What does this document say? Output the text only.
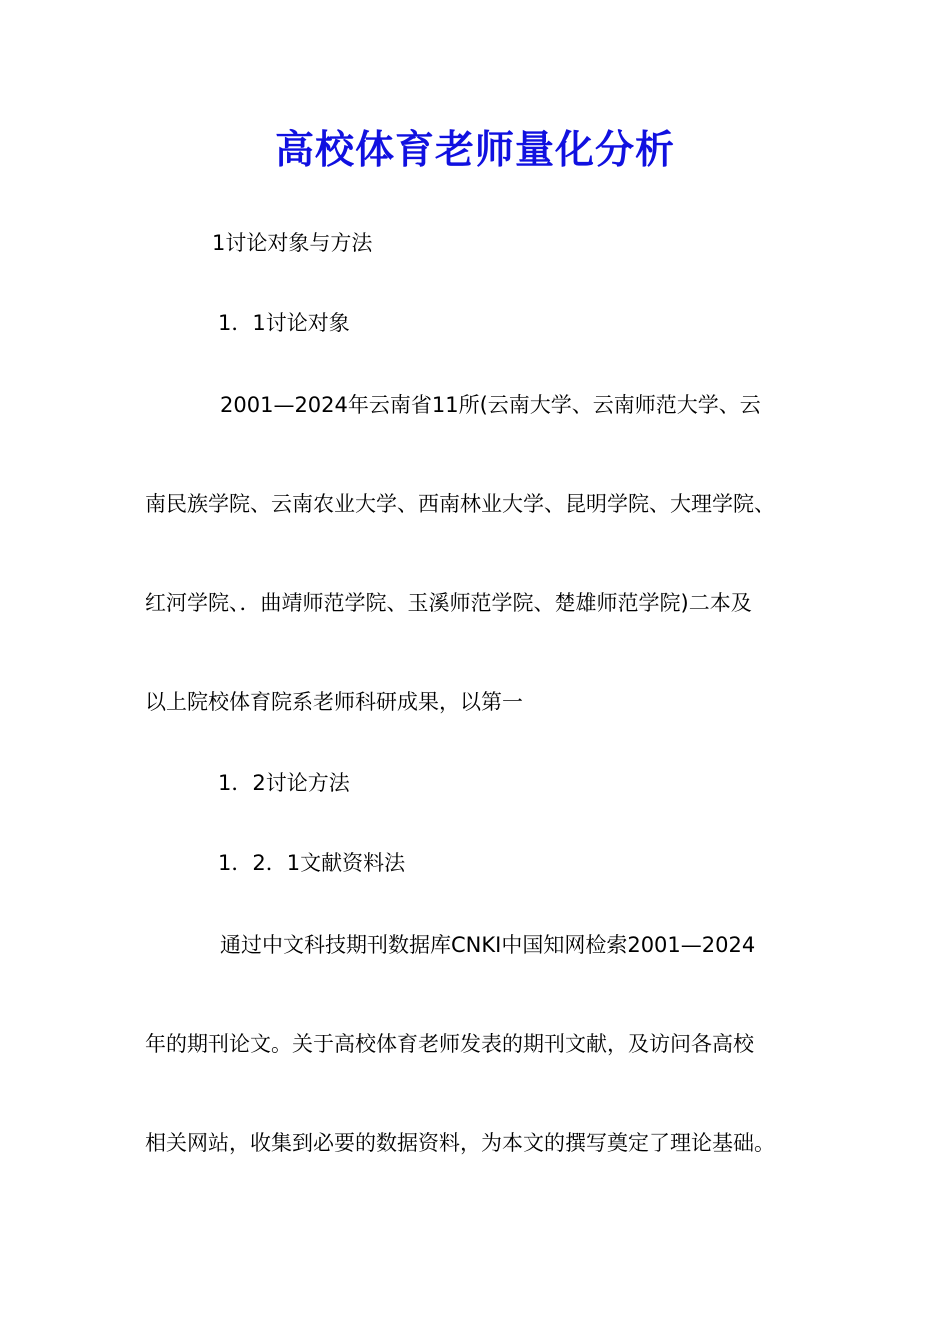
高校体育老师量化分析
1讨论对象与方法
1．1讨论对象
2001—2024年云南省11所(云南大学、云南师范大学、云
南民族学院、云南农业大学、西南林业大学、昆明学院、大理学院、
红河学院、．曲靖师范学院、玉溪师范学院、楚雄师范学院)二本及
以上院校体育院系老师科研成果，以第一
1．2讨论方法
1．2．1文献资料法
通过中文科技期刊数据库CNKI中国知网检索2001—2024
年的期刊论文。关于高校体育老师发表的期刊文献，及访问各高校
相关网站，收集到必要的数据资料，为本文的撰写奠定了理论基础。
